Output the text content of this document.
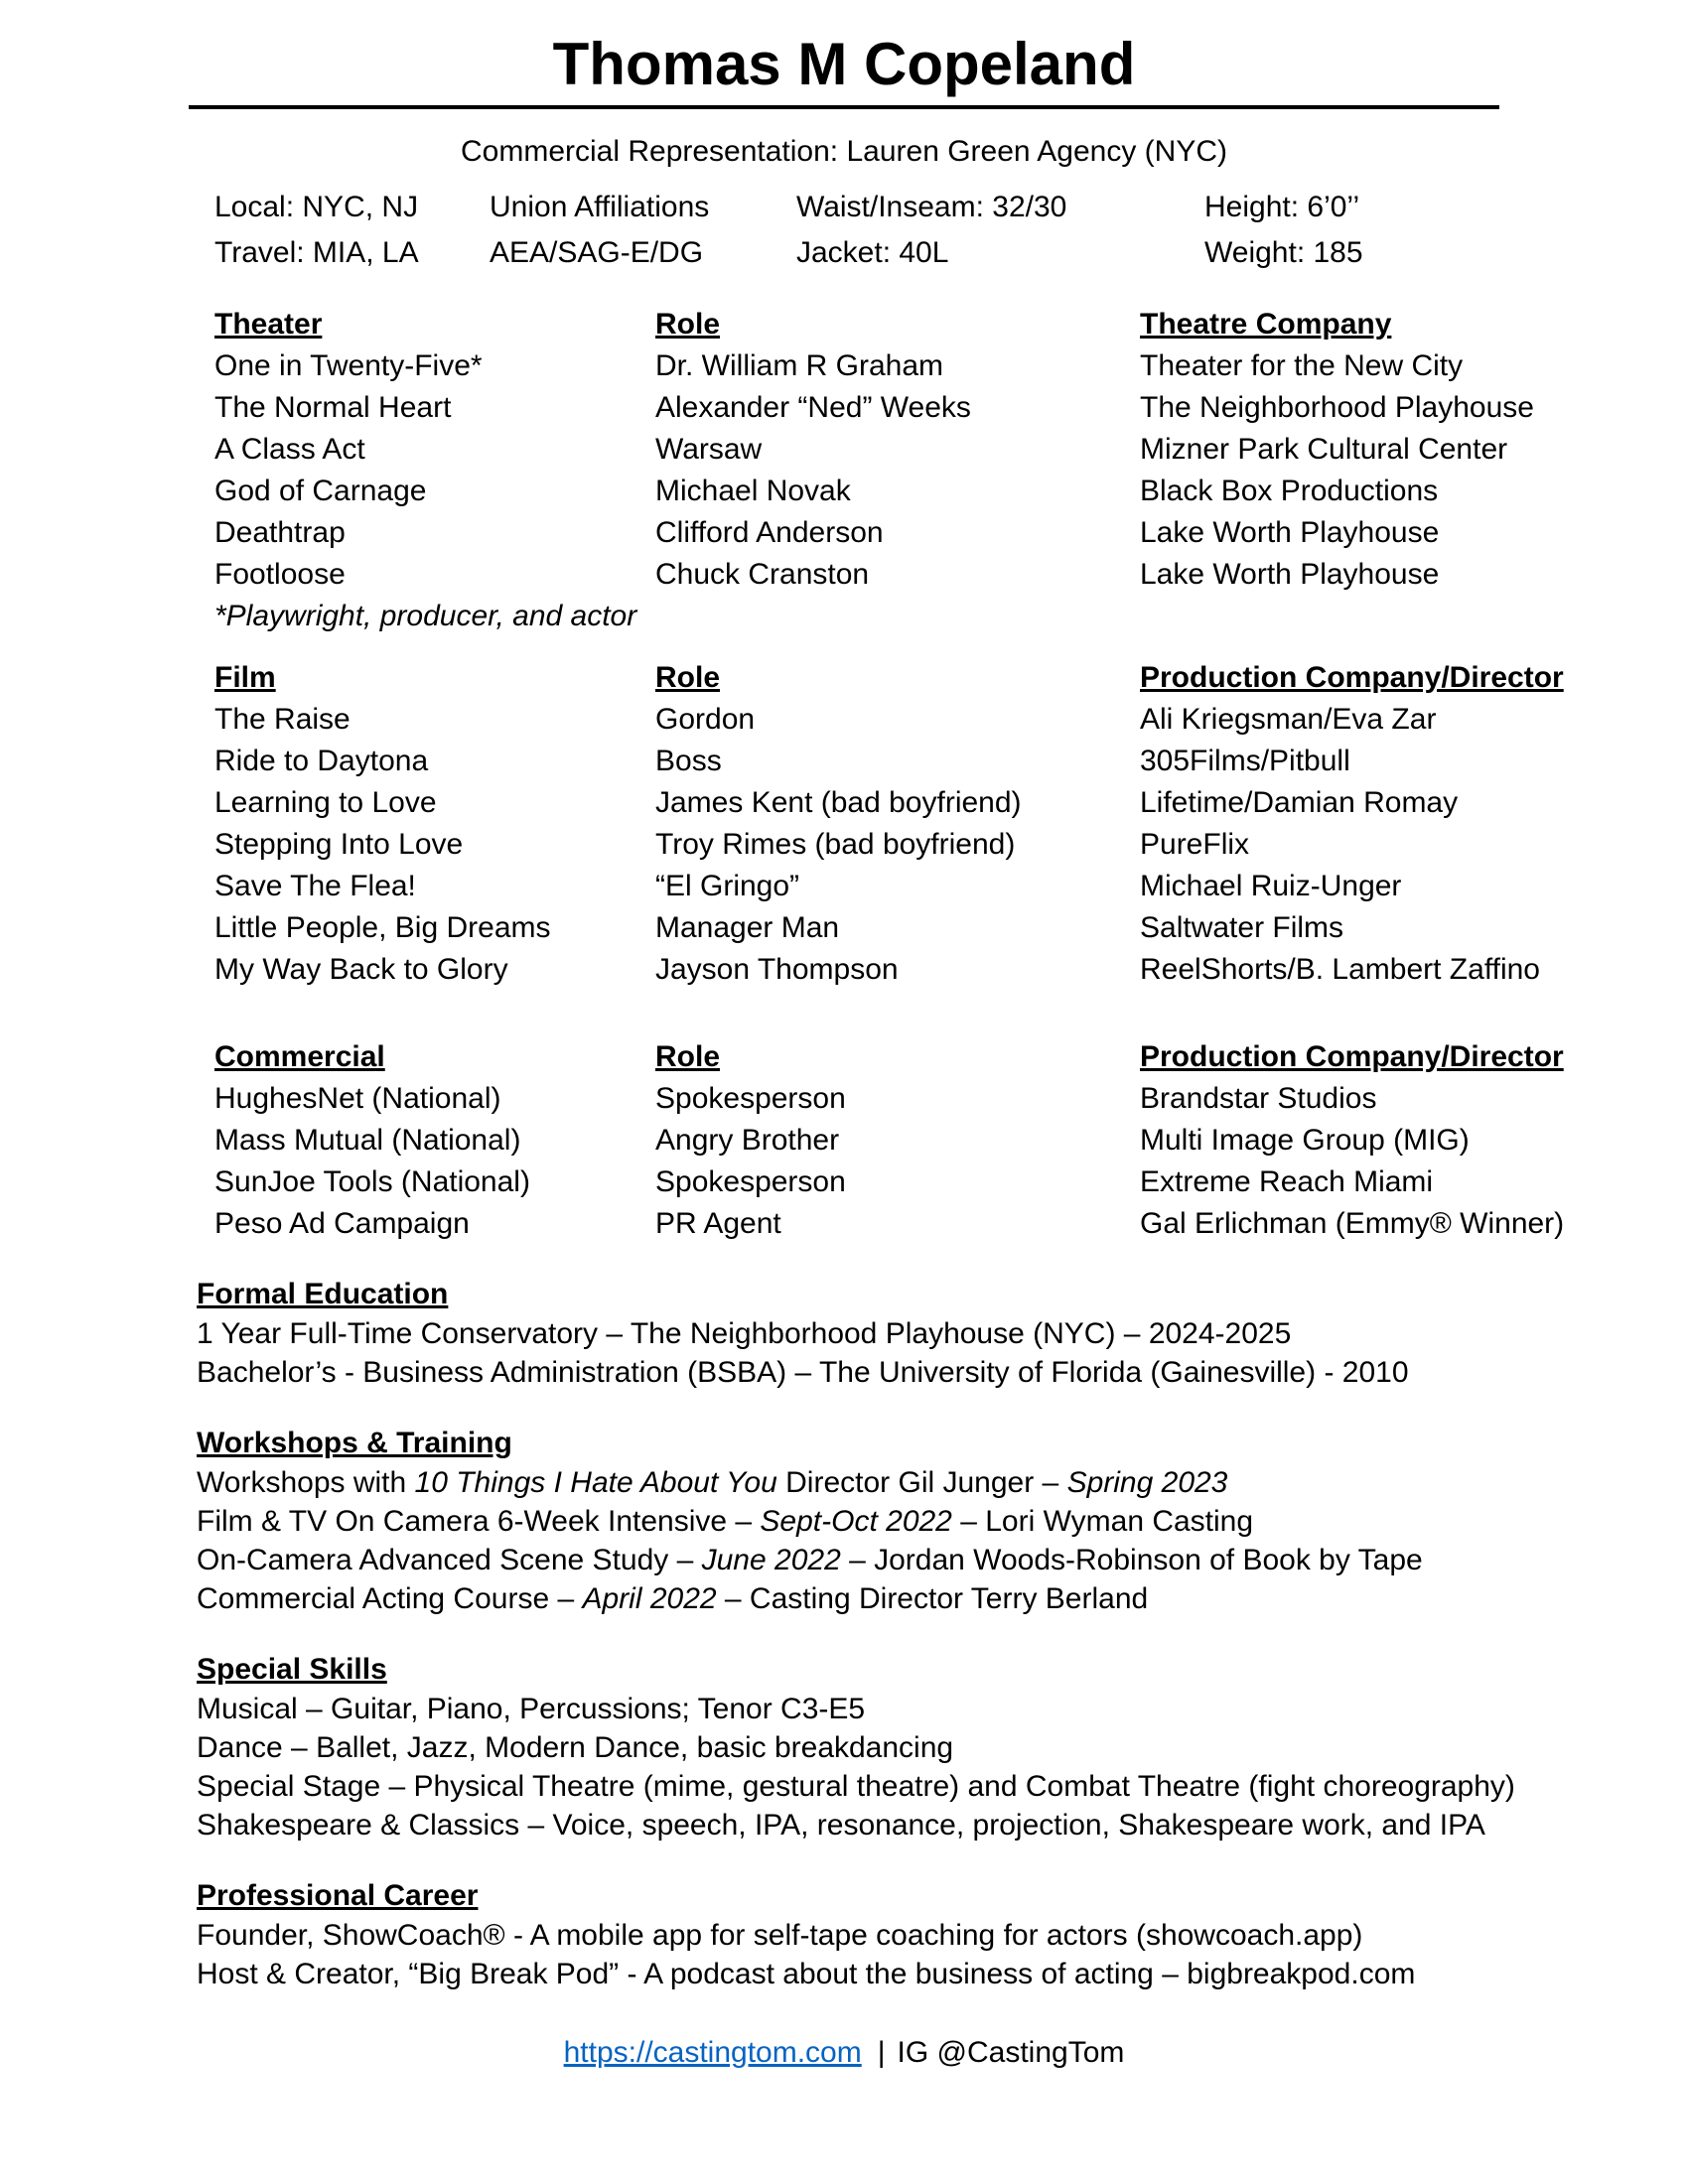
Thomas M Copeland
Commercial Representation: Lauren Green Agency (NYC)
Local: NYC, NJ	Union Affiliations	Waist/Inseam: 32/30	Height: 6’0’’
Travel: MIA, LA	AEA/SAG-E/DG	Jacket: 40L	Weight: 185
Theater	Role	Theatre Company
One in Twenty-Five*	Dr. William R Graham	Theater for the New City
The Normal Heart	Alexander “Ned” Weeks	The Neighborhood Playhouse
A Class Act	Warsaw	Mizner Park Cultural Center
God of Carnage	Michael Novak	Black Box Productions
Deathtrap	Clifford Anderson	Lake Worth Playhouse
Footloose	Chuck Cranston	Lake Worth Playhouse
*Playwright, producer, and actor
Film	Role	Production Company/Director
The Raise	Gordon	Ali Kriegsman/Eva Zar
Ride to Daytona	Boss	305Films/Pitbull
Learning to Love	James Kent (bad boyfriend)	Lifetime/Damian Romay
Stepping Into Love	Troy Rimes (bad boyfriend)	PureFlix
Save The Flea!	“El Gringo”	Michael Ruiz-Unger
Little People, Big Dreams	Manager Man	Saltwater Films
My Way Back to Glory	Jayson Thompson	ReelShorts/B. Lambert Zaffino
Commercial	Role	Production Company/Director
HughesNet (National)	Spokesperson	Brandstar Studios
Mass Mutual (National)	Angry Brother	Multi Image Group (MIG)
SunJoe Tools (National)	Spokesperson	Extreme Reach Miami
Peso Ad Campaign	PR Agent	Gal Erlichman (Emmy® Winner)
Formal Education
1 Year Full-Time Conservatory – The Neighborhood Playhouse (NYC) – 2024-2025
Bachelor’s - Business Administration (BSBA) – The University of Florida (Gainesville) - 2010
Workshops & Training
Workshops with 10 Things I Hate About You Director Gil Junger – Spring 2023
Film & TV On Camera 6-Week Intensive – Sept-Oct 2022 – Lori Wyman Casting
On-Camera Advanced Scene Study – June 2022 – Jordan Woods-Robinson of Book by Tape
Commercial Acting Course – April 2022 – Casting Director Terry Berland
Special Skills
Musical – Guitar, Piano, Percussions; Tenor C3-E5
Dance – Ballet, Jazz, Modern Dance, basic breakdancing
Special Stage – Physical Theatre (mime, gestural theatre) and Combat Theatre (fight choreography)
Shakespeare & Classics – Voice, speech, IPA, resonance, projection, Shakespeare work, and IPA
Professional Career
Founder, ShowCoach® - A mobile app for self-tape coaching for actors (showcoach.app)
Host & Creator, “Big Break Pod” - A podcast about the business of acting – bigbreakpod.com
https://castingtom.com | IG @CastingTom
